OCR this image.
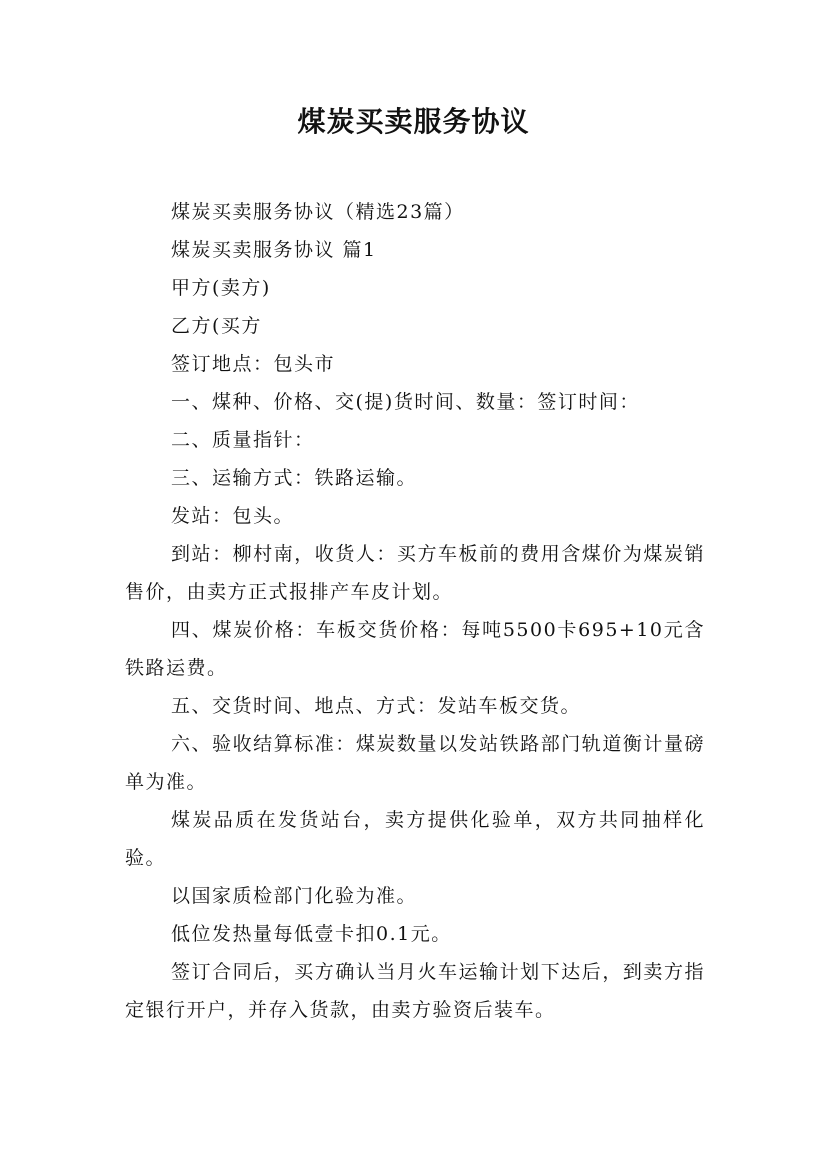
煤炭买卖服务协议

煤炭买卖服务协议（精选23篇）

煤炭买卖服务协议 篇1

甲方(卖方)

乙方(买方

签订地点：包头市

一、煤种、价格、交(提)货时间、数量：签订时间：

二、质量指针：

三、运输方式：铁路运输。

发站：包头。

到站：柳村南，收货人：买方车板前的费用含煤价为煤炭销售价，由卖方正式报排产车皮计划。

四、煤炭价格：车板交货价格：每吨5500卡695+10元含铁路运费。

五、交货时间、地点、方式：发站车板交货。

六、验收结算标准：煤炭数量以发站铁路部门轨道衡计量磅单为准。

煤炭品质在发货站台，卖方提供化验单，双方共同抽样化验。

以国家质检部门化验为准。

低位发热量每低壹卡扣0.1元。

签订合同后，买方确认当月火车运输计划下达后，到卖方指定银行开户，并存入货款，由卖方验资后装车。
